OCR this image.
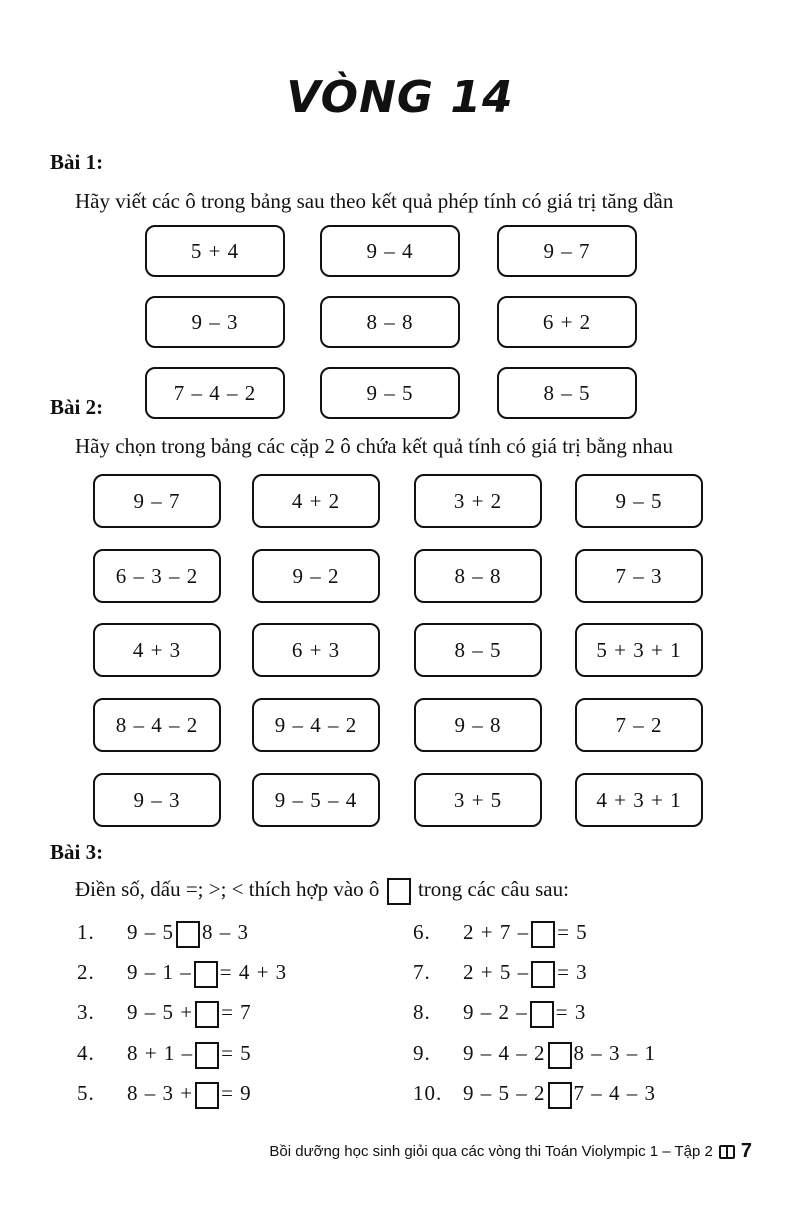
VÒNG 14
Bài 1:
Hãy viết các ô trong bảng sau theo kết quả phép tính có giá trị tăng dần
5 + 4	9 – 4	9 – 7
9 – 3	8 – 8	6 + 2
7 – 4 – 2	9 – 5	8 – 5
Bài 2:
Hãy chọn trong bảng các cặp 2 ô chứa kết quả tính có giá trị bằng nhau
9 – 7	4 + 2	3 + 2	9 – 5
6 – 3 – 2	9 – 2	8 – 8	7 – 3
4 + 3	6 + 3	8 – 5	5 + 3 + 1
8 – 4 – 2	9 – 4 – 2	9 – 8	7 – 2
9 – 3	9 – 5 – 4	3 + 5	4 + 3 + 1
Bài 3:
Điền số, dấu =; >; < thích hợp vào ô trong các câu sau:
1. 9 – 5 8 – 3
2. 9 – 1 – = 4 + 3
3. 9 – 5 + = 7
4. 8 + 1 – = 5
5. 8 – 3 + = 9
6. 2 + 7 – = 5
7. 2 + 5 – = 3
8. 9 – 2 – = 3
9. 9 – 4 – 2 8 – 3 – 1
10. 9 – 5 – 2 7 – 4 – 3
Bồi dưỡng học sinh giỏi qua các vòng thi Toán Violympic 1 – Tập 2 7
